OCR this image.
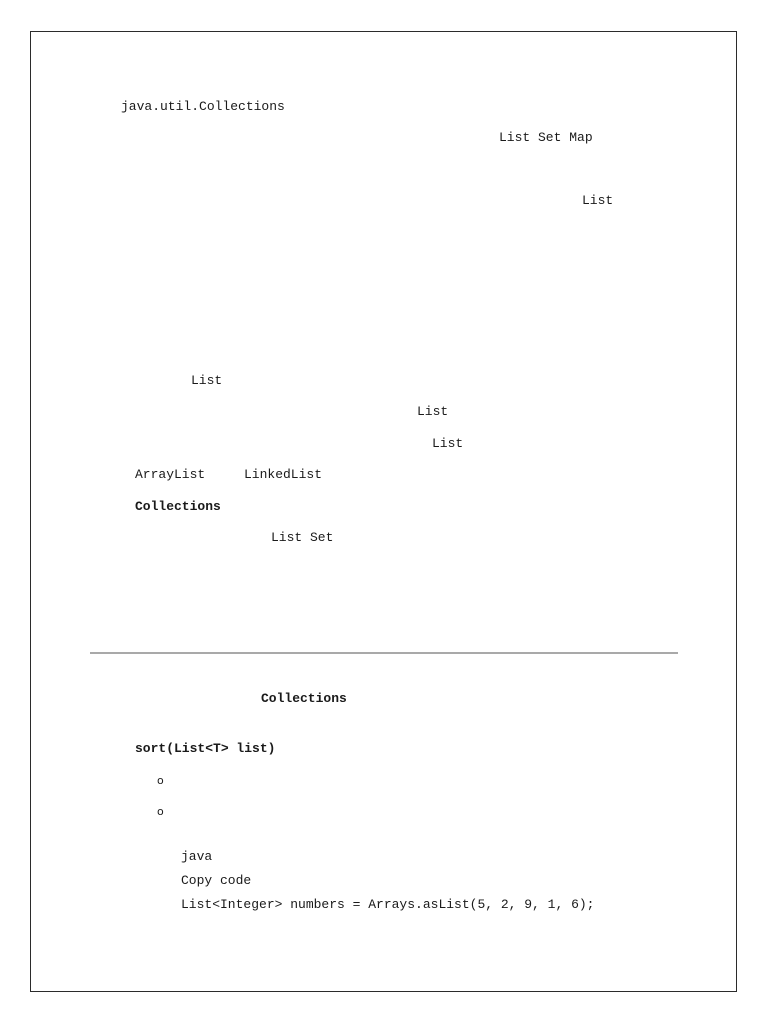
java.util.Collections
List Set Map
List
List
List
List
ArrayList	LinkedList
Collections
List Set
Collections
sort(List<T> list)
o
o
java
Copy code
List<Integer> numbers = Arrays.asList(5, 2, 9, 1, 6);
